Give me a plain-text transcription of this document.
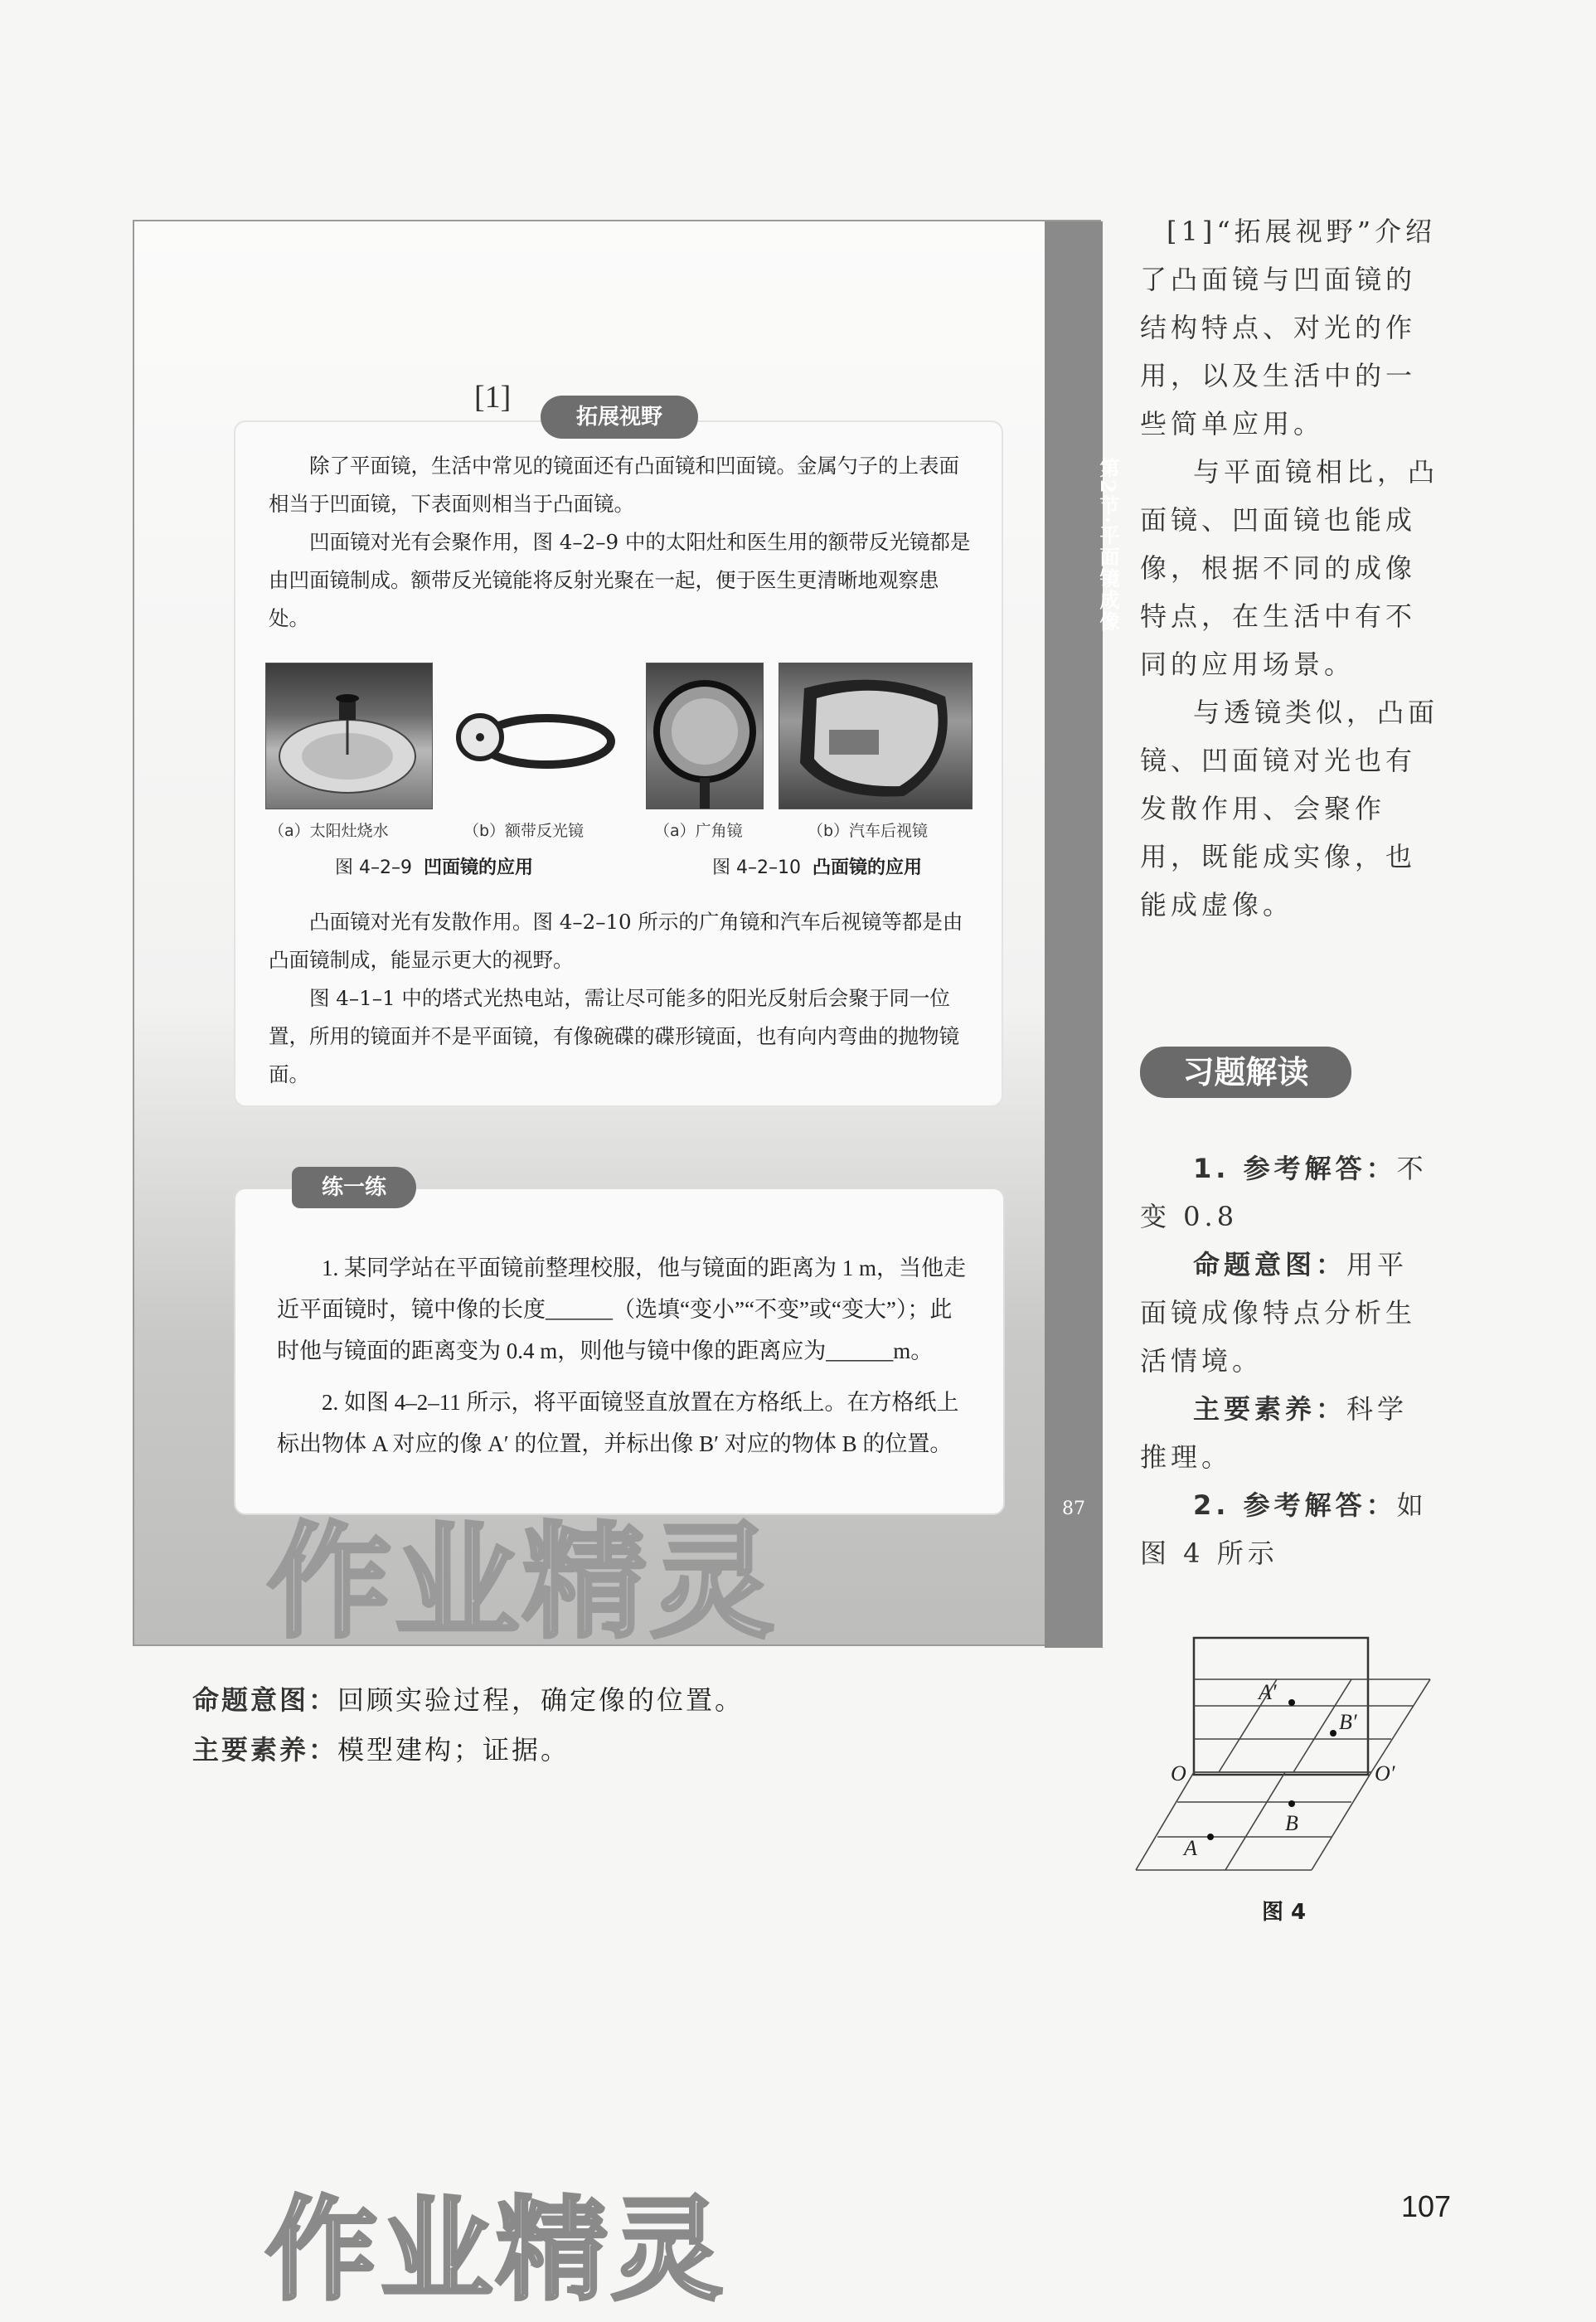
[1]

除了平面镜，生活中常见的镜面还有凸面镜和凹面镜。金属勺子的上表面相当于凹面镜，下表面则相当于凸面镜。

凹面镜对光有会聚作用，图 4–2–9 中的太阳灶和医生用的额带反光镜都是由凹面镜制成。额带反光镜能将反射光聚在一起，便于医生更清晰地观察患处。

（a）太阳灶烧水	（b）额带反光镜	（a）广角镜	（b）汽车后视镜
图 4–2–9 凹面镜的应用	图 4–2–10 凸面镜的应用

凸面镜对光有发散作用。图 4–2–10 所示的广角镜和汽车后视镜等都是由凸面镜制成，能显示更大的视野。

图 4–1–1 中的塔式光热电站，需让尽可能多的阳光反射后会聚于同一位置，所用的镜面并不是平面镜，有像碗碟的碟形镜面，也有向内弯曲的抛物镜面。

拓展视野

1. 某同学站在平面镜前整理校服，他与镜面的距离为 1 m，当他走近平面镜时，镜中像的长度______（选填“变小”“不变”或“变大”）；此时他与镜面的距离变为 0.4 m，则他与镜中像的距离应为______m。

2. 如图 4–2–11 所示，将平面镜竖直放置在方格纸上。在方格纸上标出物体 A 对应的像 A′ 的位置，并标出像 B′ 对应的物体 B 的位置。

练一练
作业精灵
第2节·平面镜成像
87
[1]“拓展视野”介绍了凸面镜与凹面镜的结构特点、对光的作用，以及生活中的一些简单应用。
与平面镜相比，凸面镜、凹面镜也能成像，根据不同的成像特点，在生活中有不同的应用场景。
与透镜类似，凸面镜、凹面镜对光也有发散作用、会聚作用，既能成实像，也能成虚像。
习题解读
1. 参考解答：不变 0.8
命题意图：用平面镜成像特点分析生活情境。
主要素养：科学推理。
2. 参考解答：如图 4 所示
A′
B′
O	O′
B
A
图 4
命题意图：回顾实验过程，确定像的位置。
主要素养：模型建构；证据。
作业精灵	107
